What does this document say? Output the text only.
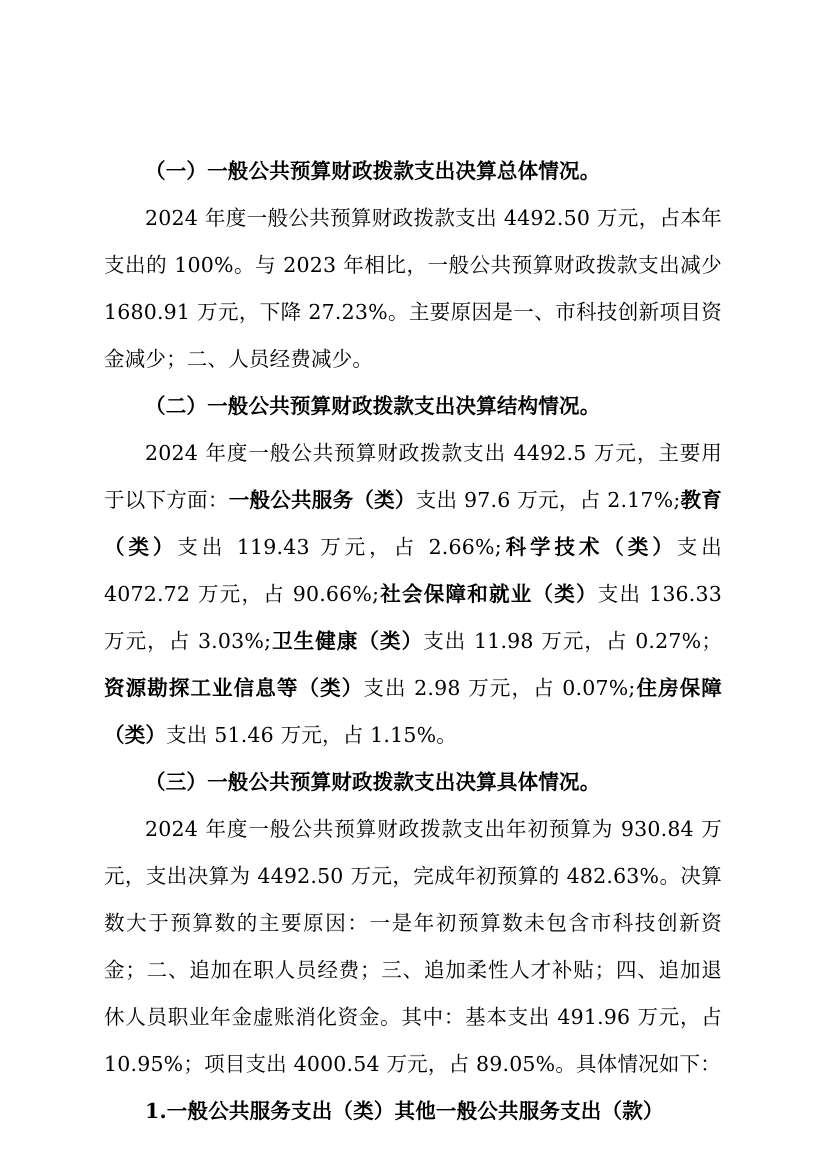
（一）一般公共预算财政拨款支出决算总体情况。

2024 年度一般公共预算财政拨款支出 4492.50 万元，占本年支出的 100%。与 2023 年相比，一般公共预算财政拨款支出减少 1680.91 万元，下降 27.23%。主要原因是一、市科技创新项目资金减少；二、人员经费减少。

（二）一般公共预算财政拨款支出决算结构情况。

2024 年度一般公共预算财政拨款支出 4492.5 万元，主要用于以下方面：一般公共服务（类）支出 97.6 万元，占 2.17%;教育（类）支出 119.43 万元，占 2.66%;科学技术（类）支出 4072.72 万元，占 90.66%;社会保障和就业（类）支出 136.33 万元，占 3.03%;卫生健康（类）支出 11.98 万元，占 0.27%；资源勘探工业信息等（类）支出 2.98 万元，占 0.07%;住房保障（类）支出 51.46 万元，占 1.15%。

（三）一般公共预算财政拨款支出决算具体情况。

2024 年度一般公共预算财政拨款支出年初预算为 930.84 万元，支出决算为 4492.50 万元，完成年初预算的 482.63%。决算数大于预算数的主要原因：一是年初预算数未包含市科技创新资金；二、追加在职人员经费；三、追加柔性人才补贴；四、追加退休人员职业年金虚账消化资金。其中：基本支出 491.96 万元，占 10.95%；项目支出 4000.54 万元，占 89.05%。具体情况如下：

1.一般公共服务支出（类）其他一般公共服务支出（款）
